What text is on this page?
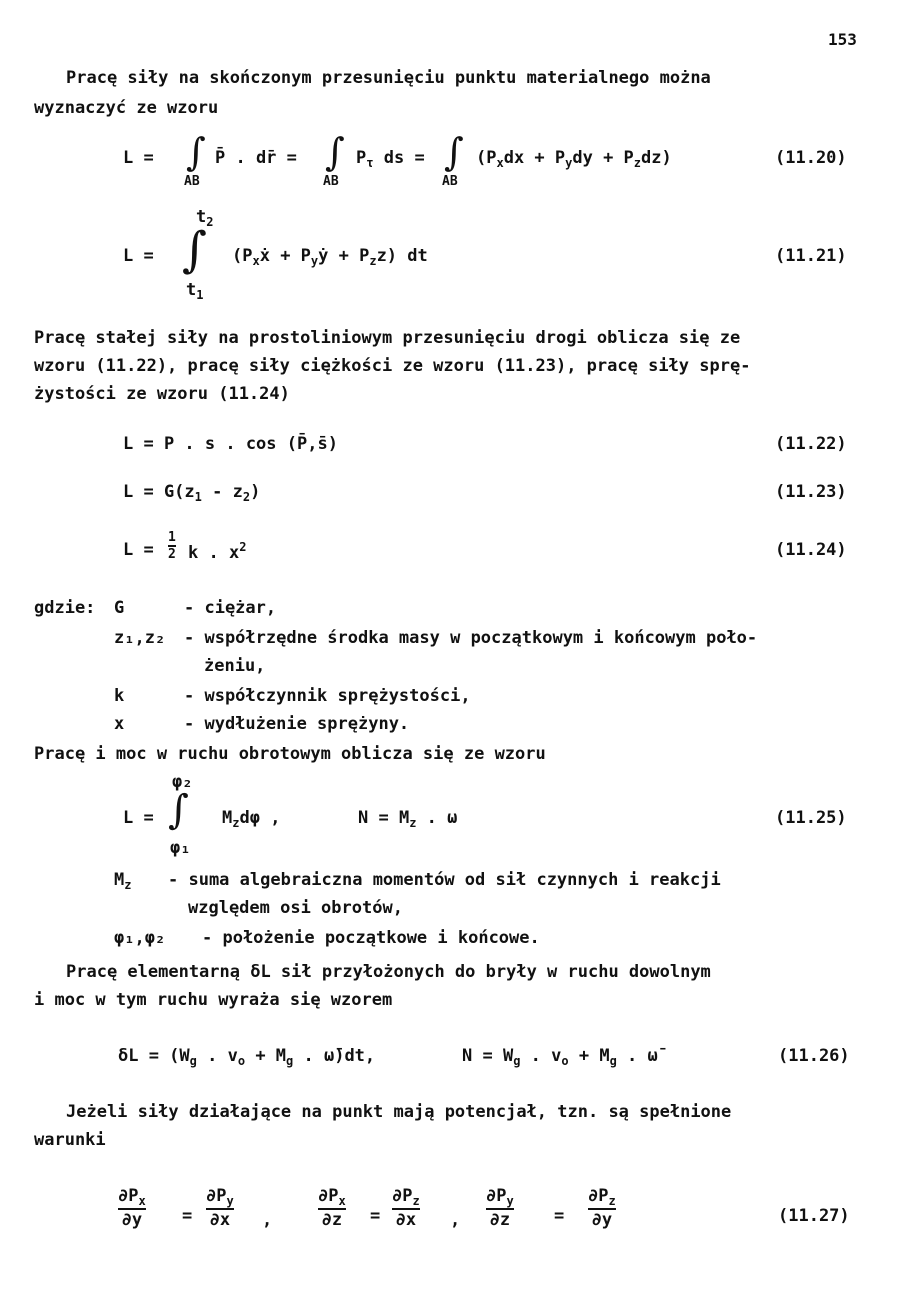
153
Pracę siły na skończonym przesunięciu punktu materialnego można
wyznaczyć ze wzoru
L = ∫
AB
P̄ . dr̄ = ∫
AB
$P_\tau$ ds = ∫
AB
$(P_xdx + P_ydy + P_zdz)$	(11.20)
L =
$t_2$
∫
$t_1$
($P_xẋ$ + $P_yẏ + P_zz$) dt	(11.21)
Pracę stałej siły na prostoliniowym przesunięciu drogi oblicza się ze
wzoru (11.22), pracę siły ciężkości ze wzoru (11.23), pracę siły sprę-
żystości ze wzoru (11.24)
L = P . s . cos (P̄,s̄)	(11.22)
$L = G(z_1 - z_2)$	(11.23)
L =
1
2 k . $x^2$	(11.24)
gdzie: G	- ciężar,
z₁,z₂ - współrzędne środka masy w początkowym i końcowym poło-
żeniu,
k	- współczynnik sprężystości,
x	- wydłużenie sprężyny.
Pracę i moc w ruchu obrotowym oblicza się ze wzoru
L =
φ₂
∫
φ₁
$M_zd\varphi$ ,	$N = M_z$ . ω	(11.25)
$M_z$ - suma algebraiczna momentów od sił czynnych i reakcji
względem osi obrotów,
φ₁,φ₂ - położenie początkowe i końcowe.
Pracę elementarną δL sił przyłożonych do bryły w ruchu dowolnym
i moc w tym ruchu wyraża się wzorem
$\delta L = (W_g$ . $v_o + M_g$ . ω̄)dt,	$N = W_g$ . $v_o + M_g$ . ω̄	(11.26)
Jeżeli siły działające na punkt mają potencjał, tzn. są spełnione
warunki
$\partial P_x$
∂y =
$\partial P_y$
∂x ,
$\partial P_x$
∂z =
$\partial P_z$
∂x ,
$\partial P_y$
∂z	=
$\partial P_z$
∂y	(11.27)
